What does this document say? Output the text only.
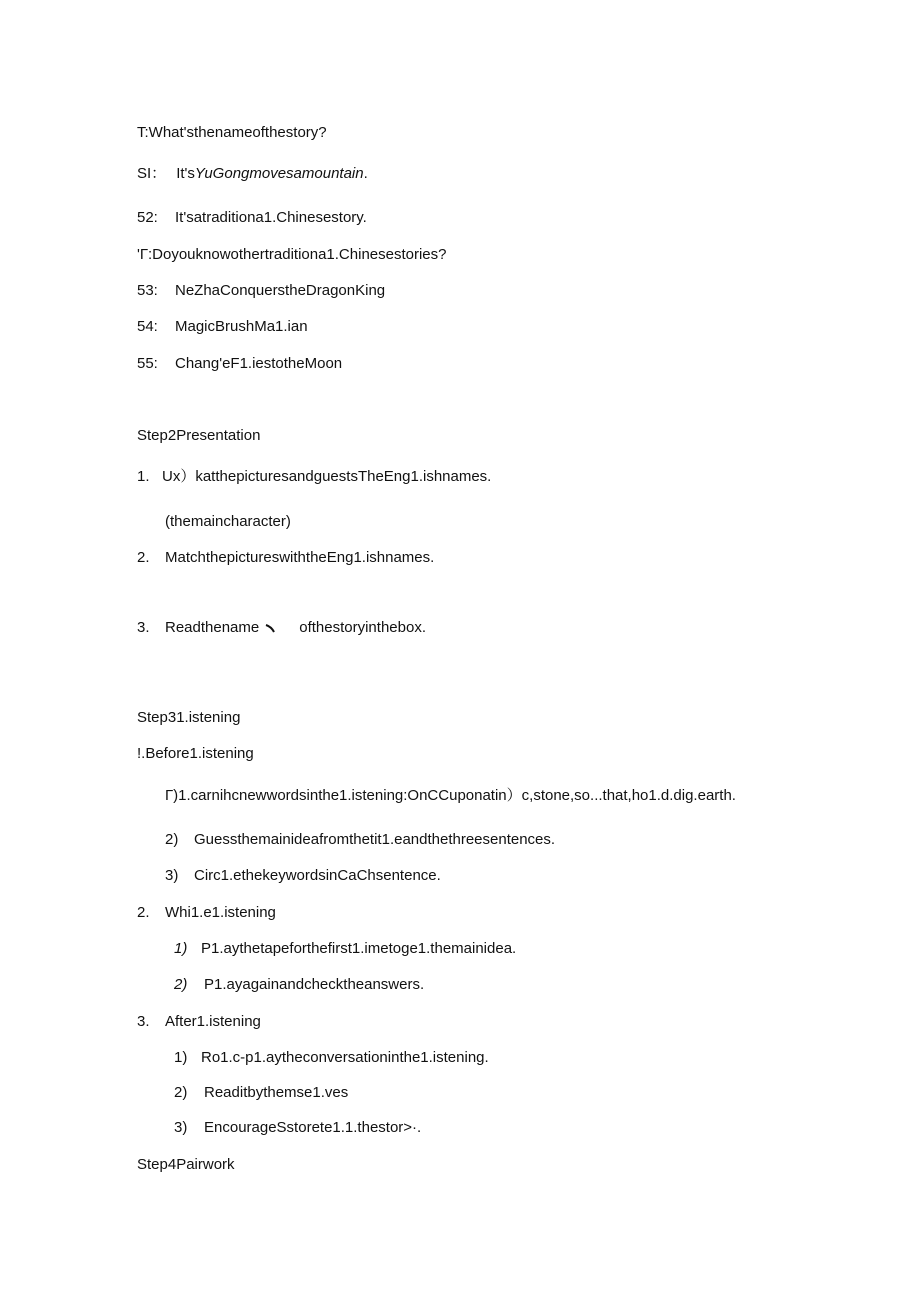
T:What'sthenameofthestory?
SI： It'sYuGongmovesamountain.
52: It'satraditiona1.Chinesestory.
'Г:Doyouknowothertraditiona1.Chinesestories?
53: NeZhaConquerstheDragonKing
54: MagicBrushMa1.ian
55: Chang'eF1.iestotheMoon
Step2Presentation
1. Ux）katthepicturesandguestsTheEng1.ishnames.
(themaincharacter)
2. MatchthepictureswiththeEng1.ishnames.
3. Readthename	ofthestoryinthebox.
Step31.istening
!.Before1.istening
Г)1.carnihcnewwordsinthe1.istening:OnCCuponatin）c,stone,so...that,ho1.d.dig.earth.
2) Guessthemainideafromthetit1.eandthethreesentences.
3) Circ1.ethekeywordsinCaChsentence.
2. Whi1.e1.istening
1) P1.aythetapeforthefirst1.imetoge1.themainidea.
2) P1.ayagainandchecktheanswers.
3. After1.istening
1) Ro1.c-p1.aytheconversationinthe1.istening.
2) Readitbythemse1.ves
3) EncourageSstorete1.1.thestor>·.
Step4Pairwork
